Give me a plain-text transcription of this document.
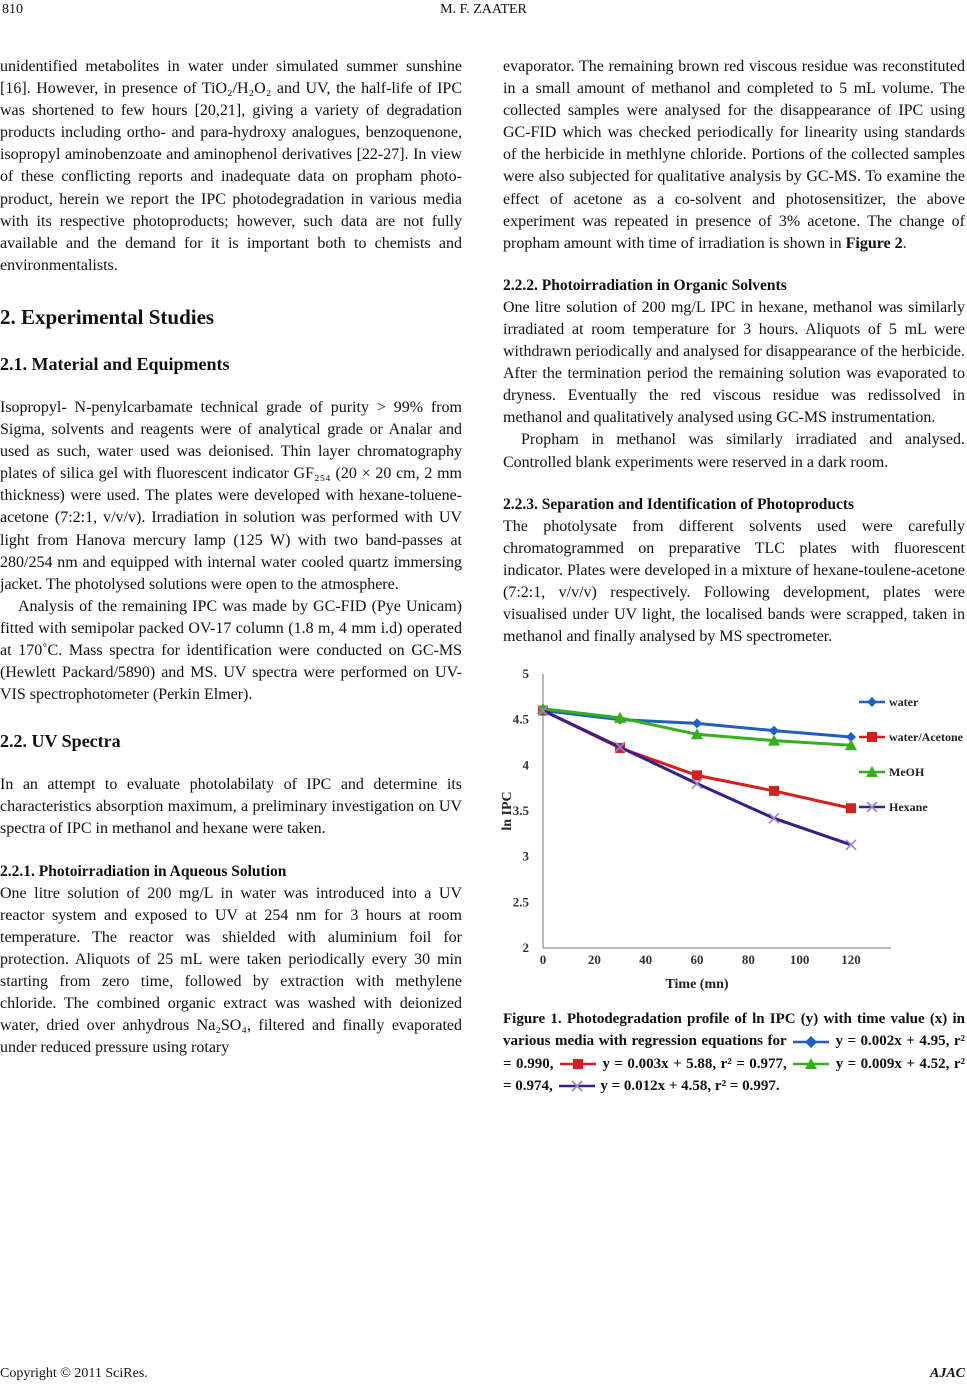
810	M. F. ZAATER

unidentified metabolites in water under simulated summer sunshine [16]. However, in presence of TiO₂/H₂O₂ and UV, the half-life of IPC was shortened to few hours [20,21], giving a variety of degradation products including ortho- and para-hydroxy analogues, benzoquenone, isopropyl aminobenzoate and aminophenol derivatives [22-27]. In view of these conflicting reports and inadequate data on propham photo-product, herein we report the IPC photodegradation in various media with its respective photoproducts; however, such data are not fully available and the demand for it is important both to chemists and environmentalists.

2. Experimental Studies
2.1. Material and Equipments

Isopropyl- N-penylcarbamate technical grade of purity > 99% from Sigma, solvents and reagents were of analytical grade or Analar and used as such, water used was deionised. Thin layer chromatography plates of silica gel with fluorescent indicator GF₂₅₄ (20 × 20 cm, 2 mm thickness) were used. The plates were developed with hexane-toluene- acetone (7:2:1, v/v/v). Irradiation in solution was performed with UV light from Hanova mercury lamp (125 W) with two band-passes at 280/254 nm and equipped with internal water cooled quartz immersing jacket. The photolysed solutions were open to the atmosphere.

Analysis of the remaining IPC was made by GC-FID (Pye Unicam) fitted with semipolar packed OV-17 column (1.8 m, 4 mm i.d) operated at 170˚C. Mass spectra for identification were conducted on GC-MS (Hewlett Packard/5890) and MS. UV spectra were performed on UV-VIS spectrophotometer (Perkin Elmer).

2.2. UV Spectra

In an attempt to evaluate photolabilaty of IPC and determine its characteristics absorption maximum, a preliminary investigation on UV spectra of IPC in methanol and hexane were taken.

2.2.1. Photoirradiation in Aqueous Solution

One litre solution of 200 mg/L in water was introduced into a UV reactor system and exposed to UV at 254 nm for 3 hours at room temperature. The reactor was shielded with aluminium foil for protection. Aliquots of 25 mL were taken periodically every 30 min starting from zero time, followed by extraction with methylene chloride. The combined organic extract was washed with deionized water, dried over anhydrous Na₂SO₄, filtered and finally evaporated under reduced pressure using rotary

evaporator. The remaining brown red viscous residue was reconstituted in a small amount of methanol and completed to 5 mL volume. The collected samples were analysed for the disappearance of IPC using GC-FID which was checked periodically for linearity using standards of the herbicide in methlyne chloride. Portions of the collected samples were also subjected for qualitative analysis by GC-MS. To examine the effect of acetone as a co-solvent and photosensitizer, the above experiment was repeated in presence of 3% acetone. The change of propham amount with time of irradiation is shown in Figure 2.

2.2.2. Photoirradiation in Organic Solvents

One litre solution of 200 mg/L IPC in hexane, methanol was similarly irradiated at room temperature for 3 hours. Aliquots of 5 mL were withdrawn periodically and analysed for disappearance of the herbicide. After the termination period the remaining solution was evaporated to dryness. Eventually the red viscous residue was redissolved in methanol and qualitatively analysed using GC-MS instrumentation.

Propham in methanol was similarly irradiated and analysed. Controlled blank experiments were reserved in a dark room.

2.2.3. Separation and Identification of Photoproducts

The photolysate from different solvents used were carefully chromatogrammed on preparative TLC plates with fluorescent indicator. Plates were developed in a mixture of hexane-toulene-acetone (7:2:1, v/v/v) respectively. Following development, plates were visualised under UV light, the localised bands were scrapped, taken in methanol and finally analysed by MS spectrometer.

2
2.5
3
3.5
4
4.5
5
0	20	40	60	80	100 120
ln IPC
Time (mn)
water
water/Acetone
MeOH
Hexane
Figure 1. Photodegradation profile of ln IPC (y) with time value (x) in various media with regression equations for	y = 0.002x + 4.95, r² = 0.990,	y = 0.003x + 5.88, r² = 0.977,	y = 0.009x + 4.52, r² = 0.974,	y = 0.012x + 4.58, r² = 0.997.
Copyright © 2011 SciRes.	AJAC
